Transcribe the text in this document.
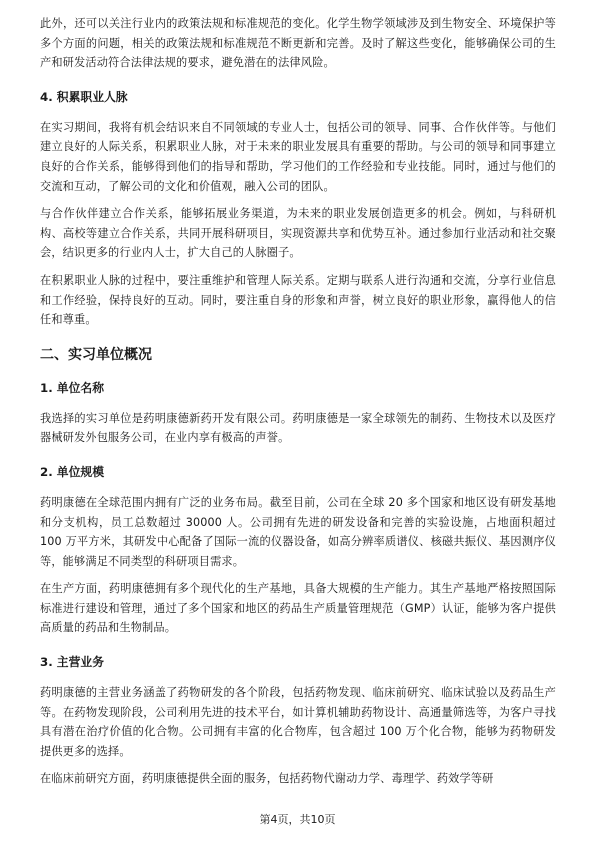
此外，还可以关注行业内的政策法规和标准规范的变化。化学生物学领域涉及到生物安全、环境保护等多个方面的问题，相关的政策法规和标准规范不断更新和完善。及时了解这些变化，能够确保公司的生产和研发活动符合法律法规的要求，避免潜在的法律风险。

4. 积累职业人脉

在实习期间，我将有机会结识来自不同领域的专业人士，包括公司的领导、同事、合作伙伴等。与他们建立良好的人际关系，积累职业人脉，对于未来的职业发展具有重要的帮助。与公司的领导和同事建立良好的合作关系，能够得到他们的指导和帮助，学习他们的工作经验和专业技能。同时，通过与他们的交流和互动，了解公司的文化和价值观，融入公司的团队。

与合作伙伴建立合作关系，能够拓展业务渠道，为未来的职业发展创造更多的机会。例如，与科研机构、高校等建立合作关系，共同开展科研项目，实现资源共享和优势互补。通过参加行业活动和社交聚会，结识更多的行业内人士，扩大自己的人脉圈子。

在积累职业人脉的过程中，要注重维护和管理人际关系。定期与联系人进行沟通和交流，分享行业信息和工作经验，保持良好的互动。同时，要注重自身的形象和声誉，树立良好的职业形象，赢得他人的信任和尊重。

二、实习单位概况
1. 单位名称

我选择的实习单位是药明康德新药开发有限公司。药明康德是一家全球领先的制药、生物技术以及医疗器械研发外包服务公司，在业内享有极高的声誉。

2. 单位规模

药明康德在全球范围内拥有广泛的业务布局。截至目前，公司在全球 20 多个国家和地区设有研发基地和分支机构，员工总数超过 30000 人。公司拥有先进的研发设备和完善的实验设施，占地面积超过 100 万平方米，其研发中心配备了国际一流的仪器设备，如高分辨率质谱仪、核磁共振仪、基因测序仪等，能够满足不同类型的科研项目需求。

在生产方面，药明康德拥有多个现代化的生产基地，具备大规模的生产能力。其生产基地严格按照国际标准进行建设和管理，通过了多个国家和地区的药品生产质量管理规范（GMP）认证，能够为客户提供高质量的药品和生物制品。

3. 主营业务

药明康德的主营业务涵盖了药物研发的各个阶段，包括药物发现、临床前研究、临床试验以及药品生产等。在药物发现阶段，公司利用先进的技术平台，如计算机辅助药物设计、高通量筛选等，为客户寻找具有潜在治疗价值的化合物。公司拥有丰富的化合物库，包含超过 100 万个化合物，能够为药物研发提供更多的选择。

在临床前研究方面，药明康德提供全面的服务，包括药物代谢动力学、毒理学、药效学等研

第4页，共10页
